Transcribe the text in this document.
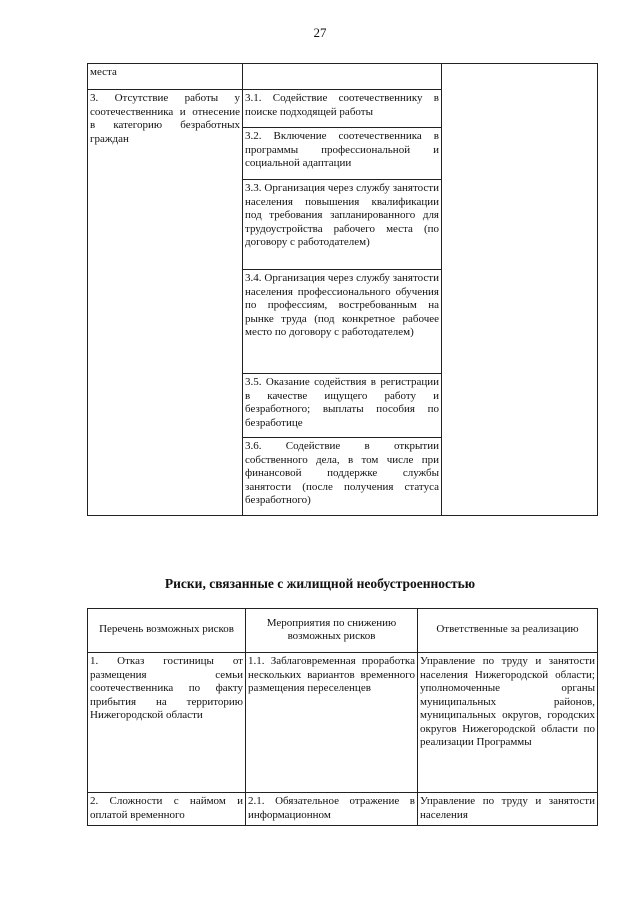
27
места		
3. Отсутствие работы у соотечественника и отнесение в категорию безработных граждан	3.1. Содействие соотечественнику в поиске подходящей работы	
	3.2. Включение соотечественника в программы профессиональной и социальной адаптации	
	3.3. Организация через службу занятости населения повышения квалификации под требования запланированного для трудоустройства рабочего места (по договору с работодателем)	
	3.4. Организация через службу занятости населения профессионального обучения по профессиям, востребованным на рынке труда (под конкретное рабочее место по договору с работодателем)	
	3.5. Оказание содействия в регистрации в качестве ищущего работу и безработного; выплаты пособия по безработице	
	3.6. Содействие в открытии собственного дела, в том числе при финансовой поддержке службы занятости (после получения статуса безработного)	
Риски, связанные с жилищной необустроенностью
Перечень возможных рисков	Мероприятия по снижению возможных рисков	Ответственные за реализацию
1. Отказ гостиницы от размещения семьи соотечественника по факту прибытия на территорию Нижегородской области	1.1. Заблаговременная проработка нескольких вариантов временного размещения переселенцев	Управление по труду и занятости населения Нижегородской области; уполномоченные органы муниципальных районов, муниципальных округов, городских округов Нижегородской области по реализации Программы
2. Сложности с наймом и оплатой временного	2.1. Обязательное отражение в информационном	Управление по труду и занятости населения
